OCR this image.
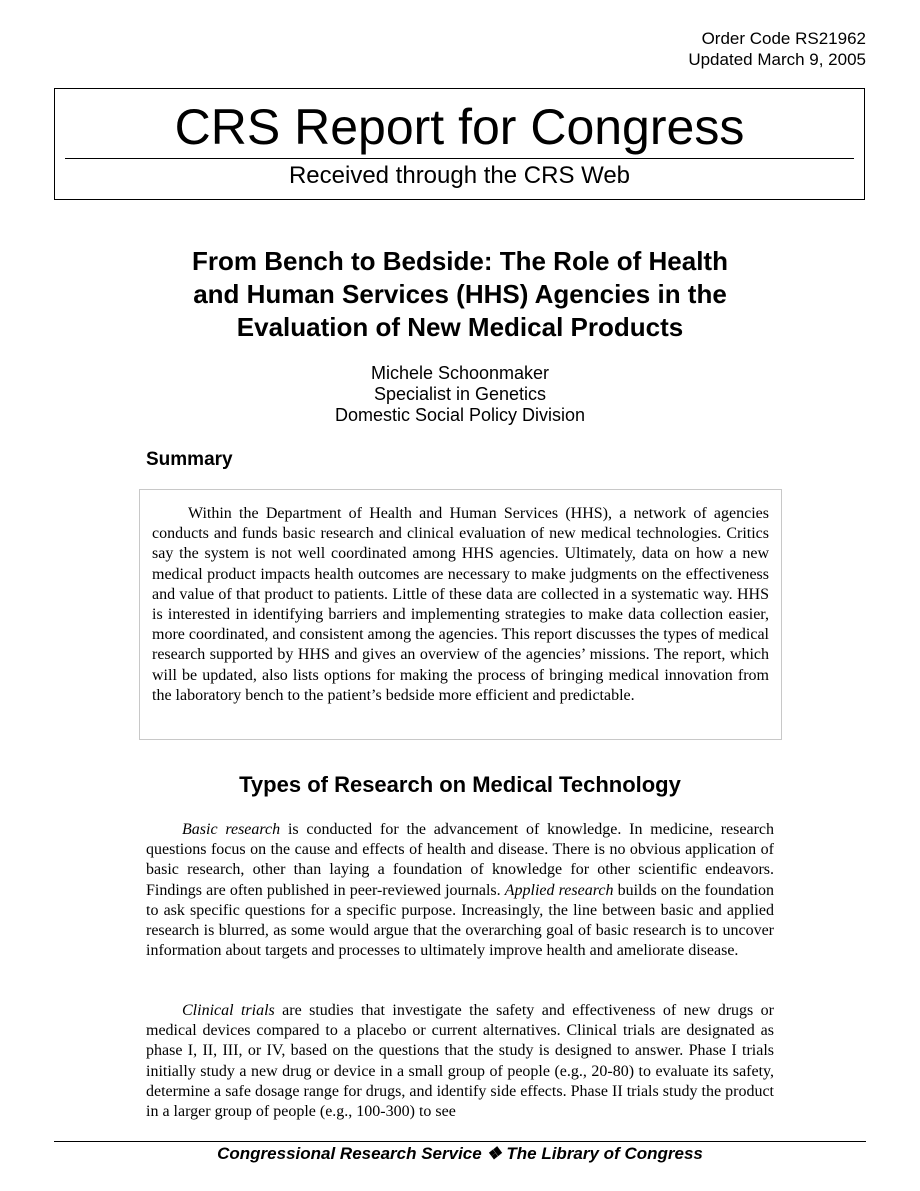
Order Code RS21962
Updated March 9, 2005
CRS Report for Congress
Received through the CRS Web
From Bench to Bedside: The Role of Health
and Human Services (HHS) Agencies in the
Evaluation of New Medical Products
Michele Schoonmaker
Specialist in Genetics
Domestic Social Policy Division
Summary

Within the Department of Health and Human Services (HHS), a network of agencies conducts and funds basic research and clinical evaluation of new medical technologies. Critics say the system is not well coordinated among HHS agencies. Ultimately, data on how a new medical product impacts health outcomes are necessary to make judgments on the effectiveness and value of that product to patients. Little of these data are collected in a systematic way. HHS is interested in identifying barriers and implementing strategies to make data collection easier, more coordinated, and consistent among the agencies. This report discusses the types of medical research supported by HHS and gives an overview of the agencies’ missions. The report, which will be updated, also lists options for making the process of bringing medical innovation from the laboratory bench to the patient’s bedside more efficient and predictable.

Types of Research on Medical Technology

Basic research is conducted for the advancement of knowledge. In medicine, research questions focus on the cause and effects of health and disease. There is no obvious application of basic research, other than laying a foundation of knowledge for other scientific endeavors. Findings are often published in peer-reviewed journals. Applied research builds on the foundation to ask specific questions for a specific purpose. Increasingly, the line between basic and applied research is blurred, as some would argue that the overarching goal of basic research is to uncover information about targets and processes to ultimately improve health and ameliorate disease.

Clinical trials are studies that investigate the safety and effectiveness of new drugs or medical devices compared to a placebo or current alternatives. Clinical trials are designated as phase I, II, III, or IV, based on the questions that the study is designed to answer. Phase I trials initially study a new drug or device in a small group of people (e.g., 20-80) to evaluate its safety, determine a safe dosage range for drugs, and identify side effects. Phase II trials study the product in a larger group of people (e.g., 100-300) to see

Congressional Research Service ❖ The Library of Congress
